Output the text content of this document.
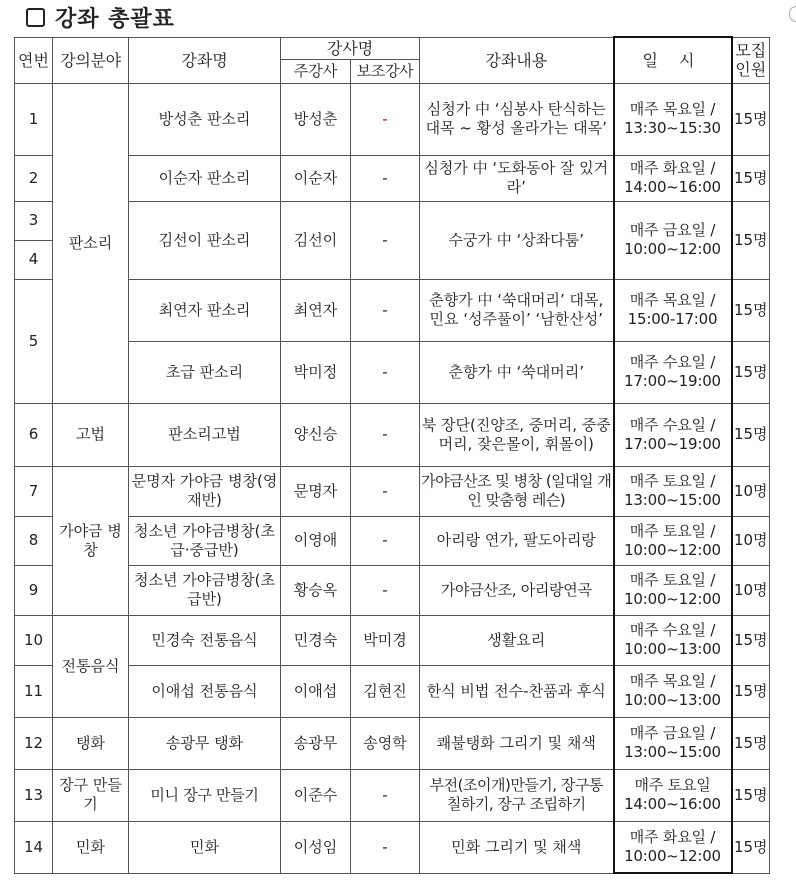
강좌 총괄표
연번	강의분야	강좌명	강사명		강좌내용	일 시	모집 인원
			주강사	보조강사			
1	판소리	방성춘 판소리	방성춘	-	심청가 中 ‘심봉사 탄식하는 대목 ~ 황성 올라가는 대목’	매주 목요일 /
13:30~15:30	15명
2		이순자 판소리	이순자	-	심청가 中 ‘도화동아 잘 있거라’	매주 화요일 /
14:00~16:00	15명
3		김선이 판소리	김선이	-	수궁가 中 ‘상좌다툼’	매주 금요일 /
10:00~12:00	15명
4							
5		최연자 판소리	최연자	-	춘향가 中 ‘쑥대머리’ 대목, 민요 ‘성주풀이’ ‘남한산성’	매주 목요일 /
15:00-17:00	15명
		초급 판소리	박미정	-	춘향가 中 ‘쑥대머리’	매주 수요일 /
17:00~19:00	15명
6	고법	판소리고법	양신승	-	북 장단(진양조, 중머리, 중중머리, 잦은몰이, 휘몰이)	매주 수요일 /
17:00~19:00	15명
7	가야금 병창	문명자 가야금 병창(영재반)	문명자	-	가야금산조 및 병창 (일대일 개인 맞춤형 레슨)	매주 토요일 /
13:00~15:00	10명
8		청소년 가야금병창(초급·중급반)	이영애	-	아리랑 연가, 팔도아리랑	매주 토요일 /
10:00~12:00	10명
9		청소년 가야금병창(초급반)	황승옥	-	가야금산조, 아리랑연곡	매주 토요일 /
10:00~12:00	10명
10	전통음식	민경숙 전통음식	민경숙	박미경	생활요리	매주 수요일 /
10:00~13:00	15명
11		이애섭 전통음식	이애섭	김현진	한식 비법 전수-찬품과 후식	매주 목요일 /
10:00~13:00	15명
12	탱화	송광무 탱화	송광무	송영학	쾌불탱화 그리기 및 채색	매주 금요일 /
13:00~15:00	15명
13	장구 만들기	미니 장구 만들기	이준수	-	부전(조이개)만들기, 장구통 칠하기, 장구 조립하기	매주 토요일
14:00~16:00	15명
14	민화	민화	이성임	-	민화 그리기 및 채색	매주 화요일 /
10:00~12:00	15명
